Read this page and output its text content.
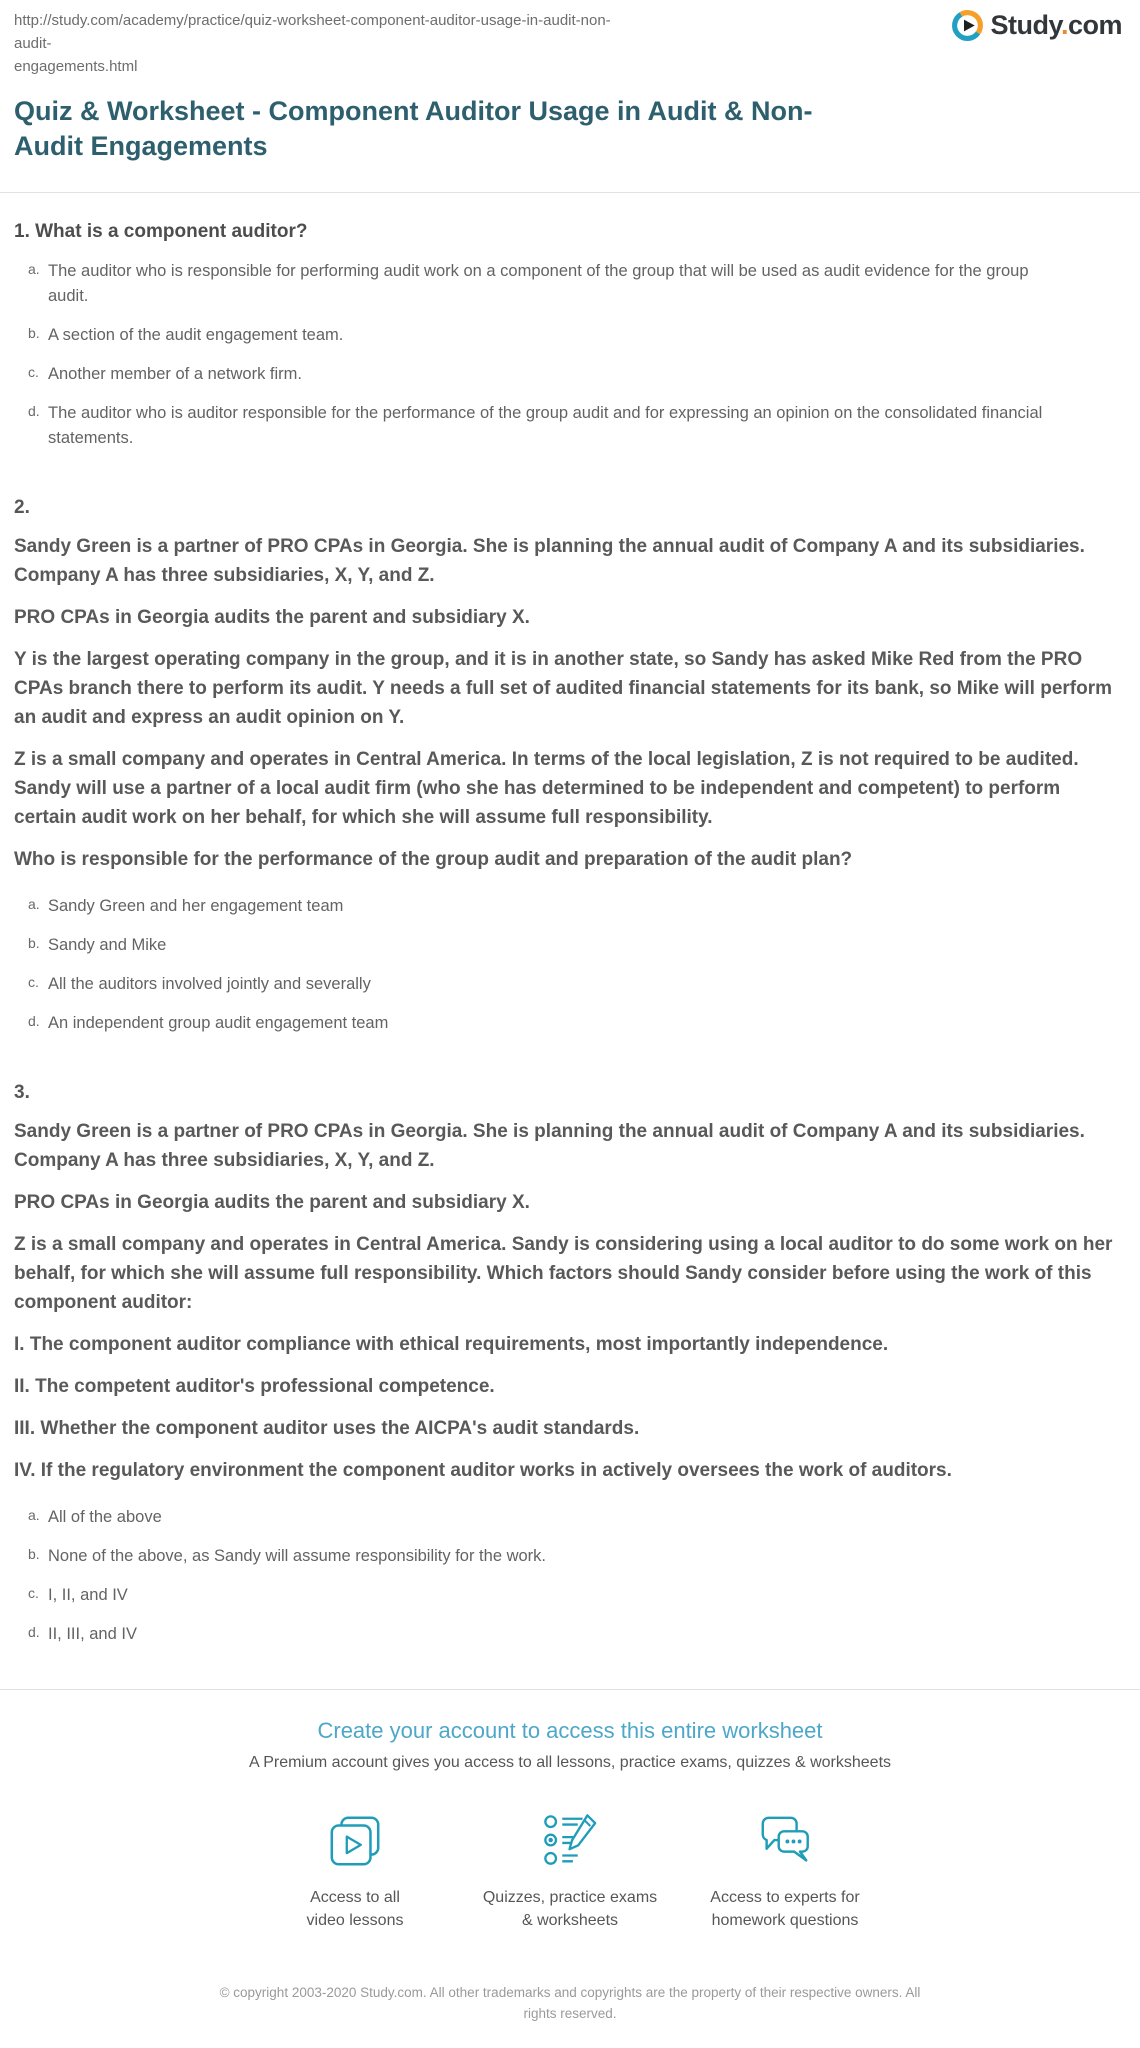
http://study.com/academy/practice/quiz-worksheet-component-auditor-usage-in-audit-non-audit-
engagements.html
Study.com
Quiz & Worksheet - Component Auditor Usage in Audit & Non-Audit Engagements
1. What is a component auditor?
a. The auditor who is responsible for performing audit work on a component of the group that will be used as audit evidence for the group audit.
b. A section of the audit engagement team.
c. Another member of a network firm.
d. The auditor who is auditor responsible for the performance of the group audit and for expressing an opinion on the consolidated financial statements.
2.

Sandy Green is a partner of PRO CPAs in Georgia. She is planning the annual audit of Company A and its subsidiaries. Company A has three subsidiaries, X, Y, and Z.

PRO CPAs in Georgia audits the parent and subsidiary X.

Y is the largest operating company in the group, and it is in another state, so Sandy has asked Mike Red from the PRO CPAs branch there to perform its audit. Y needs a full set of audited financial statements for its bank, so Mike will perform an audit and express an audit opinion on Y.

Z is a small company and operates in Central America. In terms of the local legislation, Z is not required to be audited. Sandy will use a partner of a local audit firm (who she has determined to be independent and competent) to perform certain audit work on her behalf, for which she will assume full responsibility.

Who is responsible for the performance of the group audit and preparation of the audit plan?

a. Sandy Green and her engagement team
b. Sandy and Mike
c. All the auditors involved jointly and severally
d. An independent group audit engagement team
3.

Sandy Green is a partner of PRO CPAs in Georgia. She is planning the annual audit of Company A and its subsidiaries. Company A has three subsidiaries, X, Y, and Z.

PRO CPAs in Georgia audits the parent and subsidiary X.

Z is a small company and operates in Central America. Sandy is considering using a local auditor to do some work on her behalf, for which she will assume full responsibility. Which factors should Sandy consider before using the work of this component auditor:

I. The component auditor compliance with ethical requirements, most importantly independence.

II. The competent auditor's professional competence.

III. Whether the component auditor uses the AICPA's audit standards.

IV. If the regulatory environment the component auditor works in actively oversees the work of auditors.

a. All of the above
b. None of the above, as Sandy will assume responsibility for the work.
c. I, II, and IV
d. II, III, and IV
Create your account to access this entire worksheet
A Premium account gives you access to all lessons, practice exams, quizzes & worksheets
Access to all
video lessons
Quizzes, practice exams
& worksheets
Access to experts for
homework questions
© copyright 2003-2020 Study.com. All other trademarks and copyrights are the property of their respective owners. All rights reserved.
